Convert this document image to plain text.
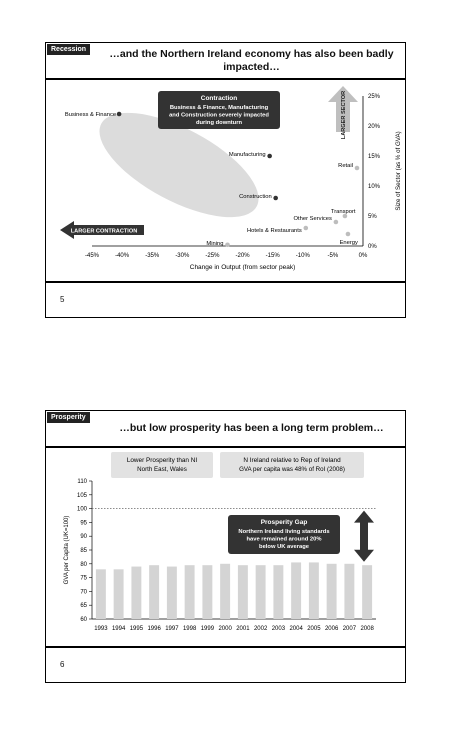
Recession	…and the Northern Ireland economy has also been badly impacted…
-45%	-40%	-35%	-30%	-25%	-20%	-15%	-10%	-5%	0%
0%
5%
10%
15%
20%
25%
Change in Output (from sector peak)
Size of Sector (as % of GVA)
Business & Finance
Manufacturing
Construction
Mining
Retail
Transport
Other Services
Hotels & Restaurants
Energy
Contraction
Business & Finance, Manufacturing
and Construction severely impacted
during downturn
LARGER CONTRACTION
LARGER SECTOR
5
Prosperity
…but low prosperity has been a long term problem…
60
65
70
75
80
85
90
95
100
105
110
GVA per Capita (UK=100)
1993 1994 1995 1996 1997 1998 1999 2000 2001 2002 2003 2004 2005 2006 2007 2008
Lower Prosperity than NI
North East, Wales
N Ireland relative to Rep of Ireland
GVA per capita was 48% of RoI (2008)
Prosperity Gap
Northern Ireland living standards
have remained around 20%
below UK average
6
